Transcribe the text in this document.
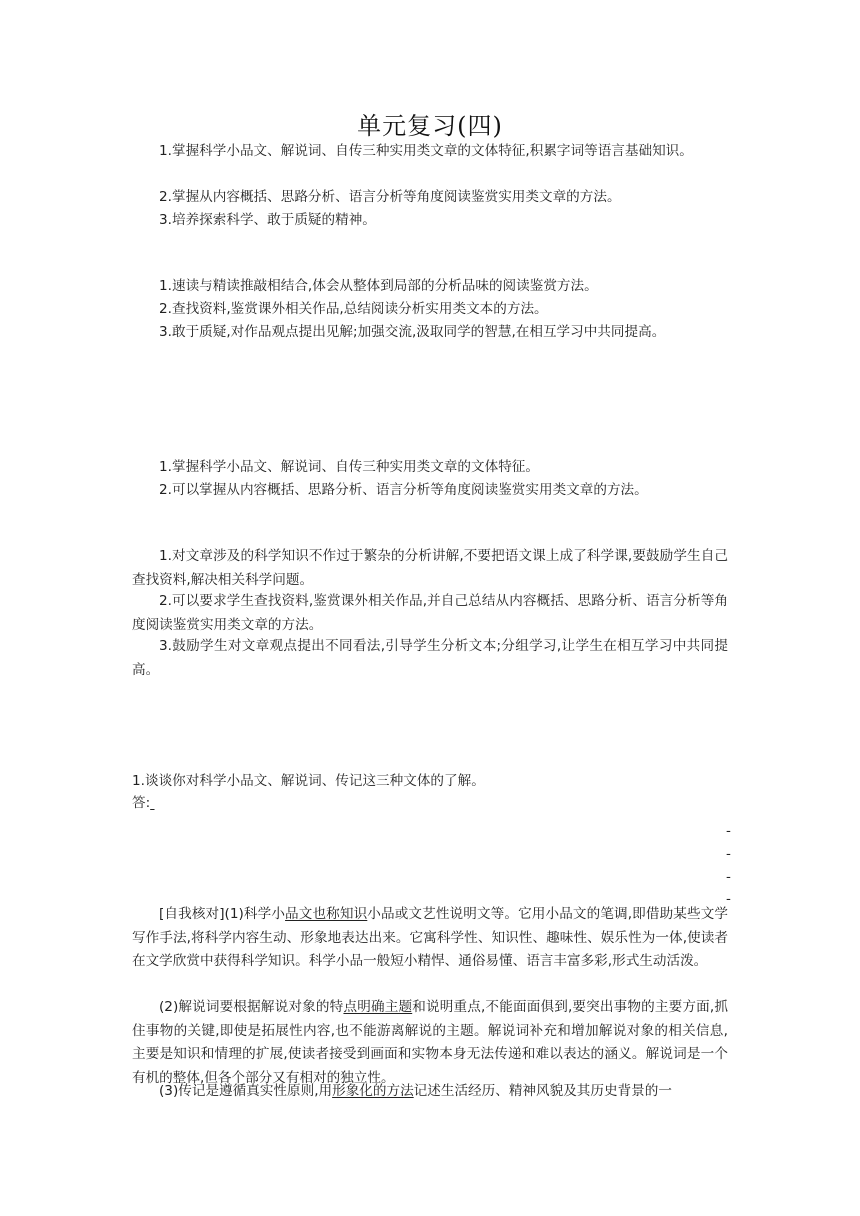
单元复习(四)
1.掌握科学小品文、解说词、自传三种实用类文章的文体特征,积累字词等语言基础知识。
2.掌握从内容概括、思路分析、语言分析等角度阅读鉴赏实用类文章的方法。
3.培养探索科学、敢于质疑的精神。
1.速读与精读推敲相结合,体会从整体到局部的分析品味的阅读鉴赏方法。
2.查找资料,鉴赏课外相关作品,总结阅读分析实用类文本的方法。
3.敢于质疑,对作品观点提出见解;加强交流,汲取同学的智慧,在相互学习中共同提高。
1.掌握科学小品文、解说词、自传三种实用类文章的文体特征。
2.可以掌握从内容概括、思路分析、语言分析等角度阅读鉴赏实用类文章的方法。
1.对文章涉及的科学知识不作过于繁杂的分析讲解,不要把语文课上成了科学课,要鼓励学生自己查找资料,解决相关科学问题。
2.可以要求学生查找资料,鉴赏课外相关作品,并自己总结从内容概括、思路分析、语言分析等角度阅读鉴赏实用类文章的方法。
3.鼓励学生对文章观点提出不同看法,引导学生分析文本;分组学习,让学生在相互学习中共同提高。
1.谈谈你对科学小品文、解说词、传记这三种文体的了解。
答:
-
-
-
-
[自我核对](1)科学小品文也称知识小品或文艺性说明文等。它用小品文的笔调,即借助某些文学写作手法,将科学内容生动、形象地表达出来。它寓科学性、知识性、趣味性、娱乐性为一体,使读者在文学欣赏中获得科学知识。科学小品一般短小精悍、通俗易懂、语言丰富多彩,形式生动活泼。
(2)解说词要根据解说对象的特点明确主题和说明重点,不能面面俱到,要突出事物的主要方面,抓住事物的关键,即使是拓展性内容,也不能游离解说的主题。解说词补充和增加解说对象的相关信息,主要是知识和情理的扩展,使读者接受到画面和实物本身无法传递和难以表达的涵义。解说词是一个有机的整体,但各个部分又有相对的独立性。
(3)传记是遵循真实性原则,用形象化的方法记述生活经历、精神风貌及其历史背景的一
